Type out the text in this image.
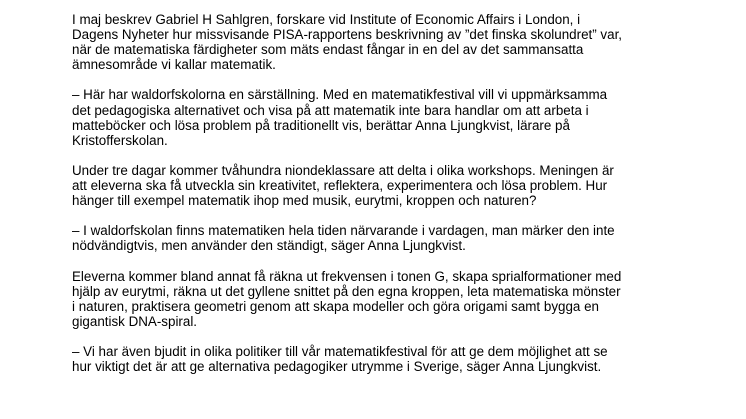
I maj beskrev Gabriel H Sahlgren, forskare vid Institute of Economic Affairs i London, i
Dagens Nyheter hur missvisande PISA-rapportens beskrivning av ”det finska skolundret” var,
när de matematiska färdigheter som mäts endast fångar in en del av det sammansatta
ämnesområde vi kallar matematik.

– Här har waldorfskolorna en särställning. Med en matematikfestival vill vi uppmärksamma
det pedagogiska alternativet och visa på att matematik inte bara handlar om att arbeta i
matteböcker och lösa problem på traditionellt vis, berättar Anna Ljungkvist, lärare på
Kristofferskolan.

Under tre dagar kommer tvåhundra niondeklassare att delta i olika workshops. Meningen är
att eleverna ska få utveckla sin kreativitet, reflektera, experimentera och lösa problem. Hur
hänger till exempel matematik ihop med musik, eurytmi, kroppen och naturen?

– I waldorfskolan finns matematiken hela tiden närvarande i vardagen, man märker den inte
nödvändigtvis, men använder den ständigt, säger Anna Ljungkvist.

Eleverna kommer bland annat få räkna ut frekvensen i tonen G, skapa sprialformationer med
hjälp av eurytmi, räkna ut det gyllene snittet på den egna kroppen, leta matematiska mönster
i naturen, praktisera geometri genom att skapa modeller och göra origami samt bygga en
gigantisk DNA-spiral.

– Vi har även bjudit in olika politiker till vår matematikfestival för att ge dem möjlighet att se
hur viktigt det är att ge alternativa pedagogiker utrymme i Sverige, säger Anna Ljungkvist.
